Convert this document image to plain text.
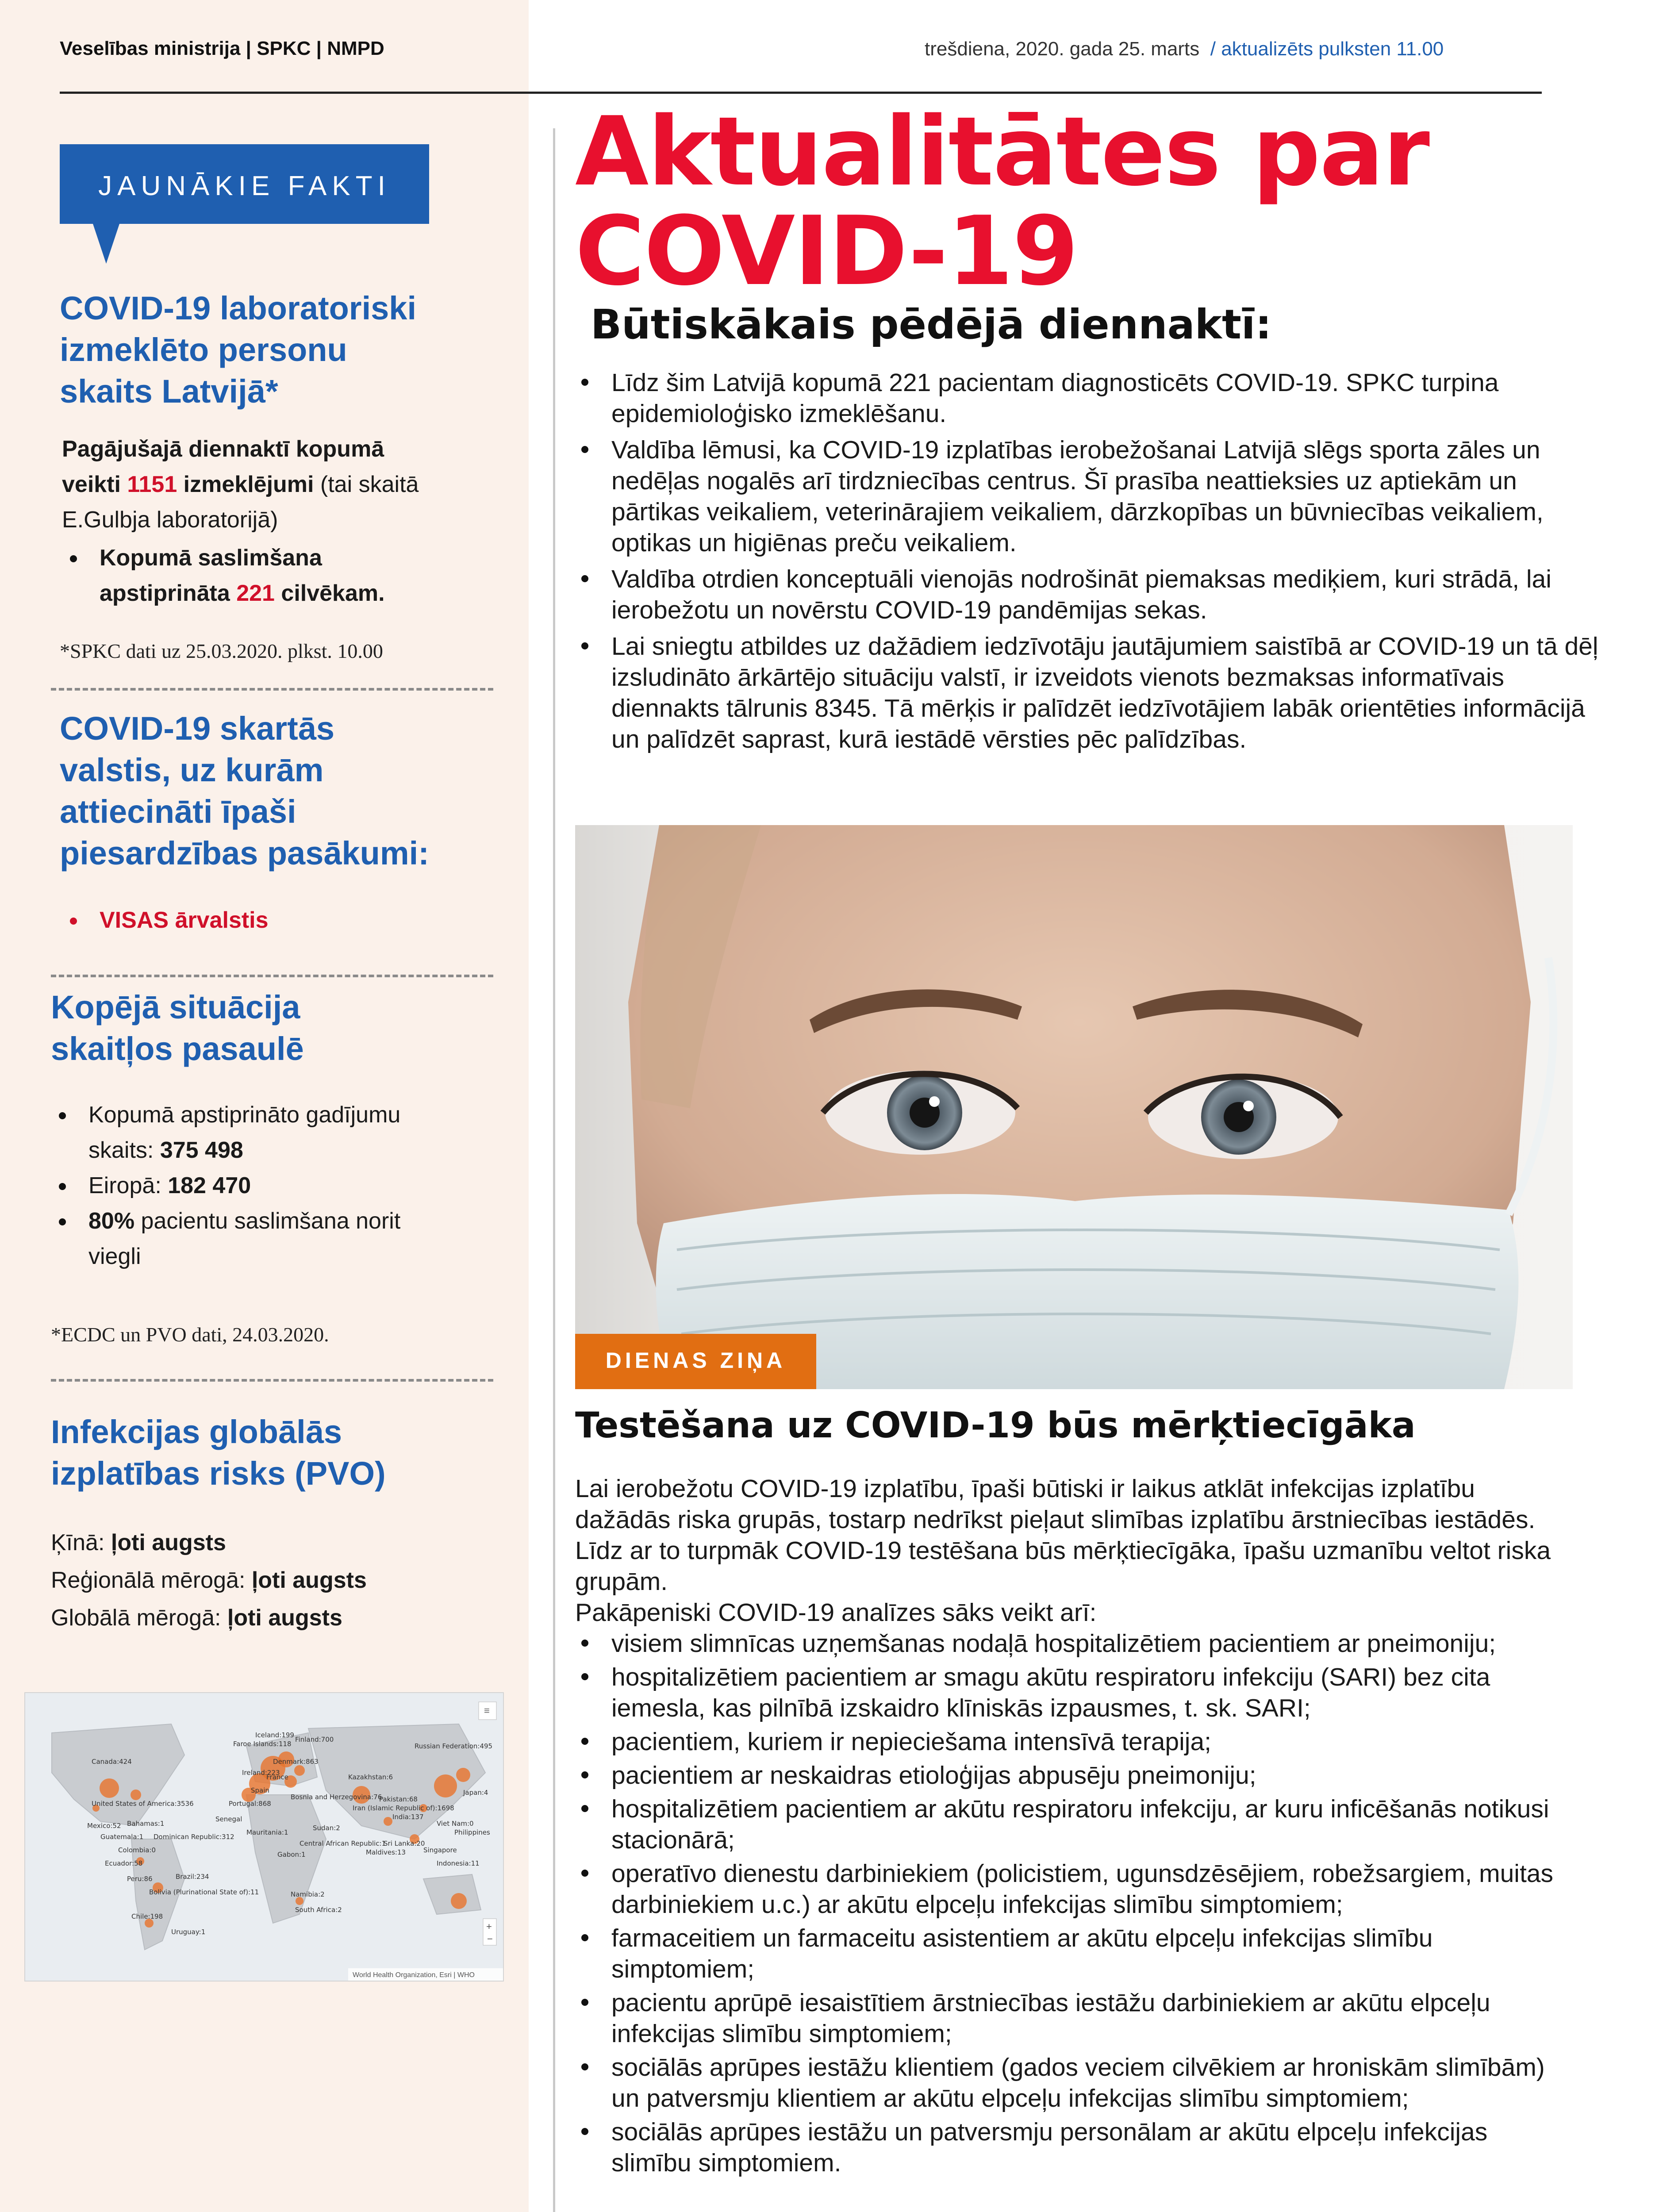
Veselības ministrija | SPKC | NMPD	trešdiena, 2020. gada 25. marts / aktualizēts pulksten 11.00
JAUNĀKIE FAKTI
COVID-19 laboratoriski
izmeklēto personu
skaits Latvijā*
Pagājušajā diennaktī kopumā
veikti 1151 izmeklējumi (tai skaitā
E.Gulbja laboratorijā)
Kopumā saslimšana
apstiprināta 221 cilvēkam.
*SPKC dati uz 25.03.2020. plkst. 10.00
COVID-19 skartās
valstis, uz kurām
attiecināti īpaši
piesardzības pasākumi:
VISAS ārvalstis
Kopējā situācija
skaitļos pasaulē
Kopumā apstiprināto gadījumu
skaits: 375 498
Eiropā: 182 470
80% pacientu saslimšana norit
viegli
*ECDC un PVO dati, 24.03.2020.
Infekcijas globālās
izplatības risks (PVO)
Ķīnā: ļoti augsts
Reģionālā mērogā: ļoti augsts
Globālā mērogā: ļoti augsts
Iceland:199
Faroe Islands:118
Canada:424	Denmark:863
Finland:700
Russian Federation:495
Ireland:223
Portugal:868
Spain
France	Kazakhstan:6
Bosnia and Herzegovina:76
Pakistan:68
Iran (Islamic Republic of):1698
India:137
Japan:4
United States of America:3536
Mexico:52 Bahamas:1
Guatemala:1 Dominican Republic:312
Colombia:0
Ecuador:58
Peru:86	Brazil:234
Bolivia (Plurinational State of):11
Chile:198
Uruguay:1
Senegal
Mauritania:1
Sudan:2
Central African Republic:1
Gabon:1
Namibia:2
South Africa:2
Maldives:13
Sri Lanka:20
Indonesia:11
Singapore
Viet Nam:0
Philippines
≡
+
−
World Health Organization, Esri | WHO
Aktualitātes par
COVID-19
Būtiskākais pēdējā diennaktī:
Līdz šim Latvijā kopumā 221 pacientam diagnosticēts COVID-19. SPKC turpina epidemioloģisko izmeklēšanu.
Valdība lēmusi, ka COVID-19 izplatības ierobežošanai Latvijā slēgs sporta zāles un nedēļas nogalēs arī tirdzniecības centrus. Šī prasība neattieksies uz aptiekām un pārtikas veikaliem, veterinārajiem veikaliem, dārzkopības un būvniecības veikaliem, optikas un higiēnas preču veikaliem.
Valdība otrdien konceptuāli vienojās nodrošināt piemaksas mediķiem, kuri strādā, lai ierobežotu un novērstu COVID-19 pandēmijas sekas.
Lai sniegtu atbildes uz dažādiem iedzīvotāju jautājumiem saistībā ar COVID-19 un tā dēļ izsludināto ārkārtējo situāciju valstī, ir izveidots vienots bezmaksas informatīvais diennakts tālrunis 8345. Tā mērķis ir palīdzēt iedzīvotājiem labāk orientēties informācijā un palīdzēt saprast, kurā iestādē vērsties pēc palīdzības.
DIENAS ZIŅA
Testēšana uz COVID-19 būs mērķtiecīgāka
Lai ierobežotu COVID-19 izplatību, īpaši būtiski ir laikus atklāt infekcijas izplatību dažādās riska grupās, tostarp nedrīkst pieļaut slimības izplatību ārstniecības iestādēs. Līdz ar to turpmāk COVID-19 testēšana būs mērķtiecīgāka, īpašu uzmanību veltot riska grupām.
Pakāpeniski COVID-19 analīzes sāks veikt arī:
visiem slimnīcas uzņemšanas nodaļā hospitalizētiem pacientiem ar pneimoniju;
hospitalizētiem pacientiem ar smagu akūtu respiratoru infekciju (SARI) bez cita iemesla, kas pilnībā izskaidro klīniskās izpausmes, t. sk. SARI;
pacientiem, kuriem ir nepieciešama intensīvā terapija;
pacientiem ar neskaidras etioloģijas abpusēju pneimoniju;
hospitalizētiem pacientiem ar akūtu respiratoru infekciju, ar kuru inficēšanās notikusi stacionārā;
operatīvo dienestu darbiniekiem (policistiem, ugunsdzēsējiem, robežsargiem, muitas darbiniekiem u.c.) ar akūtu elpceļu infekcijas slimību simptomiem;
farmaceitiem un farmaceitu asistentiem ar akūtu elpceļu infekcijas slimību simptomiem;
pacientu aprūpē iesaistītiem ārstniecības iestāžu darbiniekiem ar akūtu elpceļu infekcijas slimību simptomiem;
sociālās aprūpes iestāžu klientiem (gados veciem cilvēkiem ar hroniskām slimībām) un patversmju klientiem ar akūtu elpceļu infekcijas slimību simptomiem;
sociālās aprūpes iestāžu un patversmju personālam ar akūtu elpceļu infekcijas slimību simptomiem.
